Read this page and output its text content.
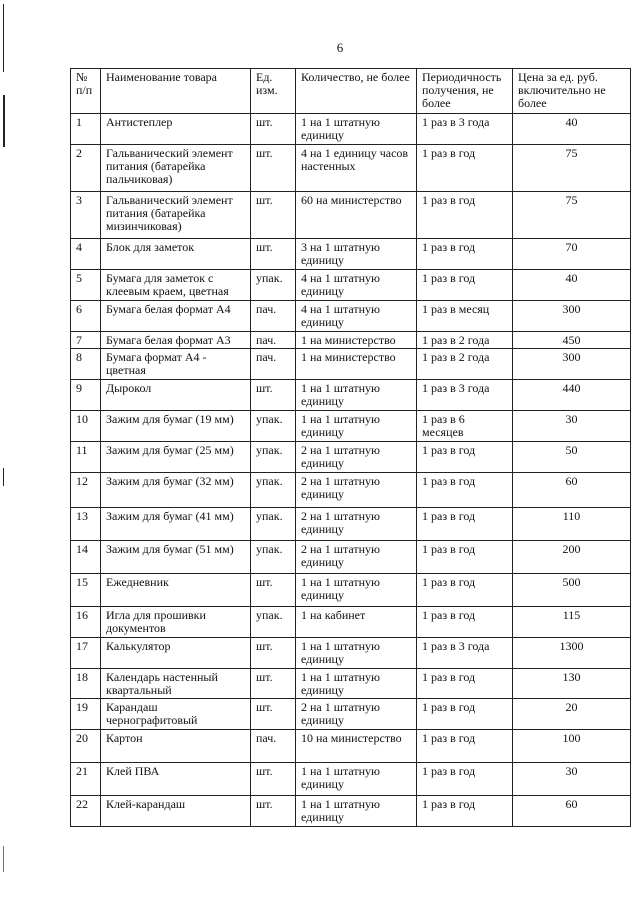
6
№ п/п	Наименование товара	Ед. изм.	Количество, не более	Периодичность получения, не более	Цена за ед. руб. включительно не более
1	Антистеплер	шт.	1 на 1 штатную единицу	1 раз в 3 года	40
2	Гальванический элемент питания (батарейка пальчиковая)	шт.	4 на 1 единицу часов настенных	1 раз в год	75
3	Гальванический элемент питания (батарейка мизинчиковая)	шт.	60 на министерство	1 раз в год	75
4	Блок для заметок	шт.	3 на 1 штатную единицу	1 раз в год	70
5	Бумага для заметок с клеевым краем, цветная	упак.	4 на 1 штатную единицу	1 раз в год	40
6	Бумага белая формат А4	пач.	4 на 1 штатную единицу	1 раз в месяц	300
7	Бумага белая формат А3	пач.	1 на министерство	1 раз в 2 года	450
8	Бумага формат А4 - цветная	пач.	1 на министерство	1 раз в 2 года	300
9	Дырокол	шт.	1 на 1 штатную единицу	1 раз в 3 года	440
10	Зажим для бумаг (19 мм)	упак.	1 на 1 штатную единицу	1 раз в 6 месяцев	30
11	Зажим для бумаг (25 мм)	упак.	2 на 1 штатную единицу	1 раз в год	50
12	Зажим для бумаг (32 мм)	упак.	2 на 1 штатную единицу	1 раз в год	60
13	Зажим для бумаг (41 мм)	упак.	2 на 1 штатную единицу	1 раз в год	110
14	Зажим для бумаг (51 мм)	упак.	2 на 1 штатную единицу	1 раз в год	200
15	Ежедневник	шт.	1 на 1 штатную единицу	1 раз в год	500
16	Игла для прошивки документов	упак.	1 на кабинет	1 раз в год	115
17	Калькулятор	шт.	1 на 1 штатную единицу	1 раз в 3 года	1300
18	Календарь настенный квартальный	шт.	1 на 1 штатную единицу	1 раз в год	130
19	Карандаш чернографитовый	шт.	2 на 1 штатную единицу	1 раз в год	20
20	Картон	пач.	10 на министерство	1 раз в год	100
21	Клей ПВА	шт.	1 на 1 штатную единицу	1 раз в год	30
22	Клей-карандаш	шт.	1 на 1 штатную единицу	1 раз в год	60
